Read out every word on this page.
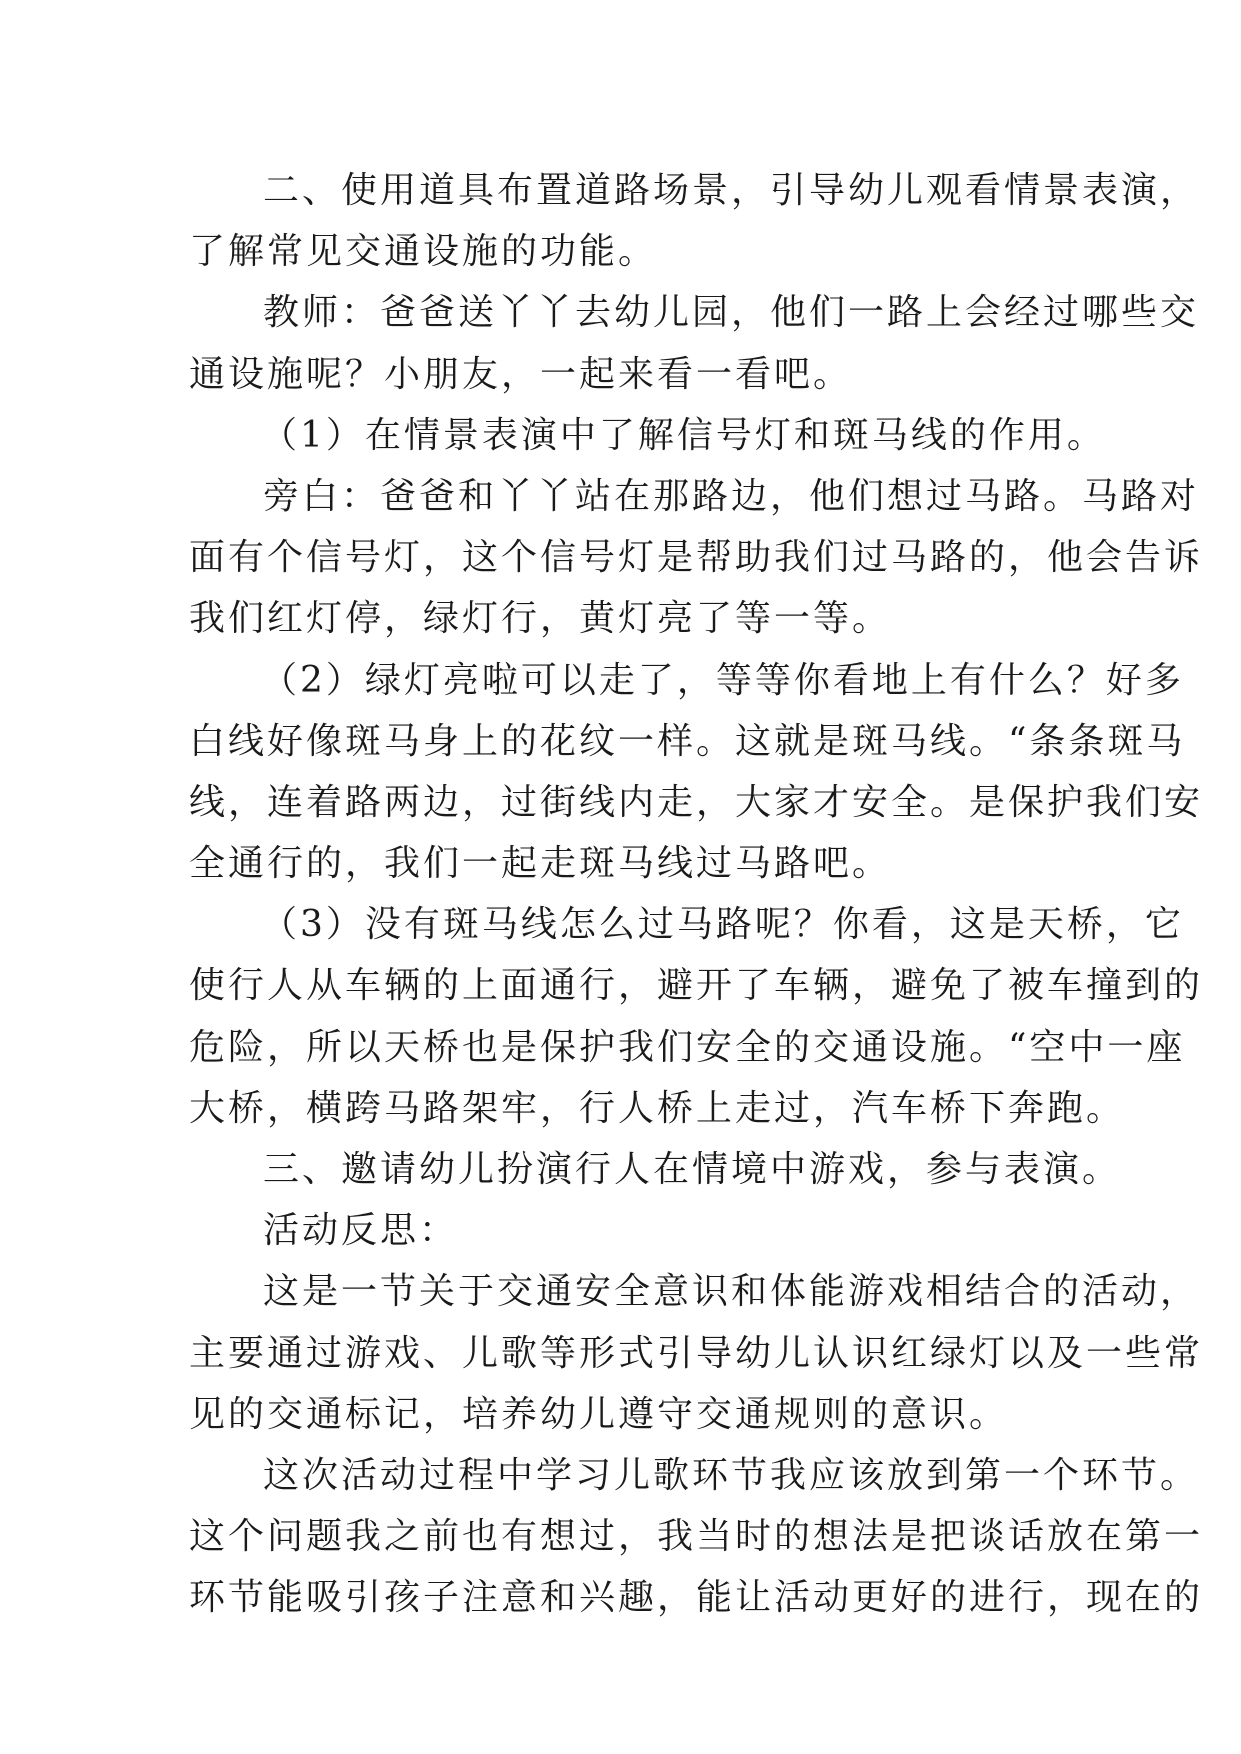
二、使用道具布置道路场景，引导幼儿观看情景表演，
了解常见交通设施的功能。
教师：爸爸送丫丫去幼儿园，他们一路上会经过哪些交
通设施呢？小朋友，一起来看一看吧。
（1）在情景表演中了解信号灯和斑马线的作用。
旁白：爸爸和丫丫站在那路边，他们想过马路。马路对
面有个信号灯，这个信号灯是帮助我们过马路的，他会告诉
我们红灯停，绿灯行，黄灯亮了等一等。
（2）绿灯亮啦可以走了，等等你看地上有什么？好多
白线好像斑马身上的花纹一样。这就是斑马线。“条条斑马
线，连着路两边，过街线内走，大家才安全。是保护我们安
全通行的，我们一起走斑马线过马路吧。
（3）没有斑马线怎么过马路呢？你看，这是天桥，它
使行人从车辆的上面通行，避开了车辆，避免了被车撞到的
危险，所以天桥也是保护我们安全的交通设施。“空中一座
大桥，横跨马路架牢，行人桥上走过，汽车桥下奔跑。
三、邀请幼儿扮演行人在情境中游戏，参与表演。
活动反思：
这是一节关于交通安全意识和体能游戏相结合的活动，
主要通过游戏、儿歌等形式引导幼儿认识红绿灯以及一些常
见的交通标记，培养幼儿遵守交通规则的意识。
这次活动过程中学习儿歌环节我应该放到第一个环节。
这个问题我之前也有想过，我当时的想法是把谈话放在第一
环节能吸引孩子注意和兴趣，能让活动更好的进行，现在的
